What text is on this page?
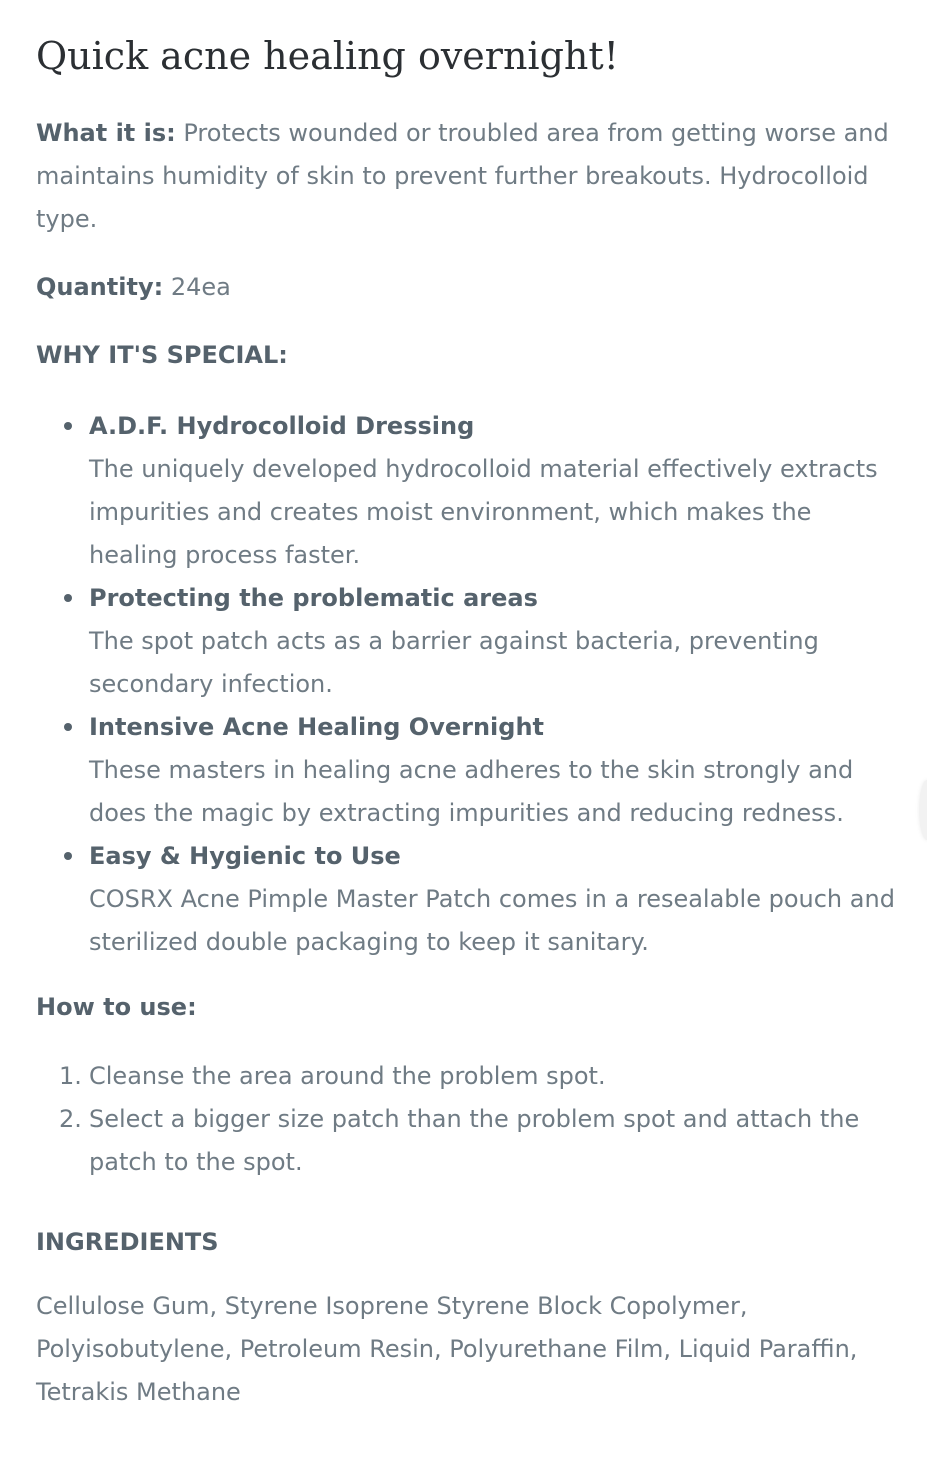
Quick acne healing overnight!

What it is: Protects wounded or troubled area from getting worse and maintains humidity of skin to prevent further breakouts. Hydrocolloid type.

Quantity: 24ea

WHY IT'S SPECIAL:
A.D.F. Hydrocolloid Dressing
The uniquely developed hydrocolloid material effectively extracts impurities and creates moist environment, which makes the healing process faster.
Protecting the problematic areas
The spot patch acts as a barrier against bacteria, preventing secondary infection.
Intensive Acne Healing Overnight
These masters in healing acne adheres to the skin strongly and does the magic by extracting impurities and reducing redness.
Easy & Hygienic to Use
COSRX Acne Pimple Master Patch comes in a resealable pouch and sterilized double packaging to keep it sanitary.
How to use:
1. Cleanse the area around the problem spot.
2. Select a bigger size patch than the problem spot and attach the patch to the spot.
INGREDIENTS

Cellulose Gum, Styrene Isoprene Styrene Block Copolymer, Polyisobutylene, Petroleum Resin, Polyurethane Film, Liquid Paraffin, Tetrakis Methane
